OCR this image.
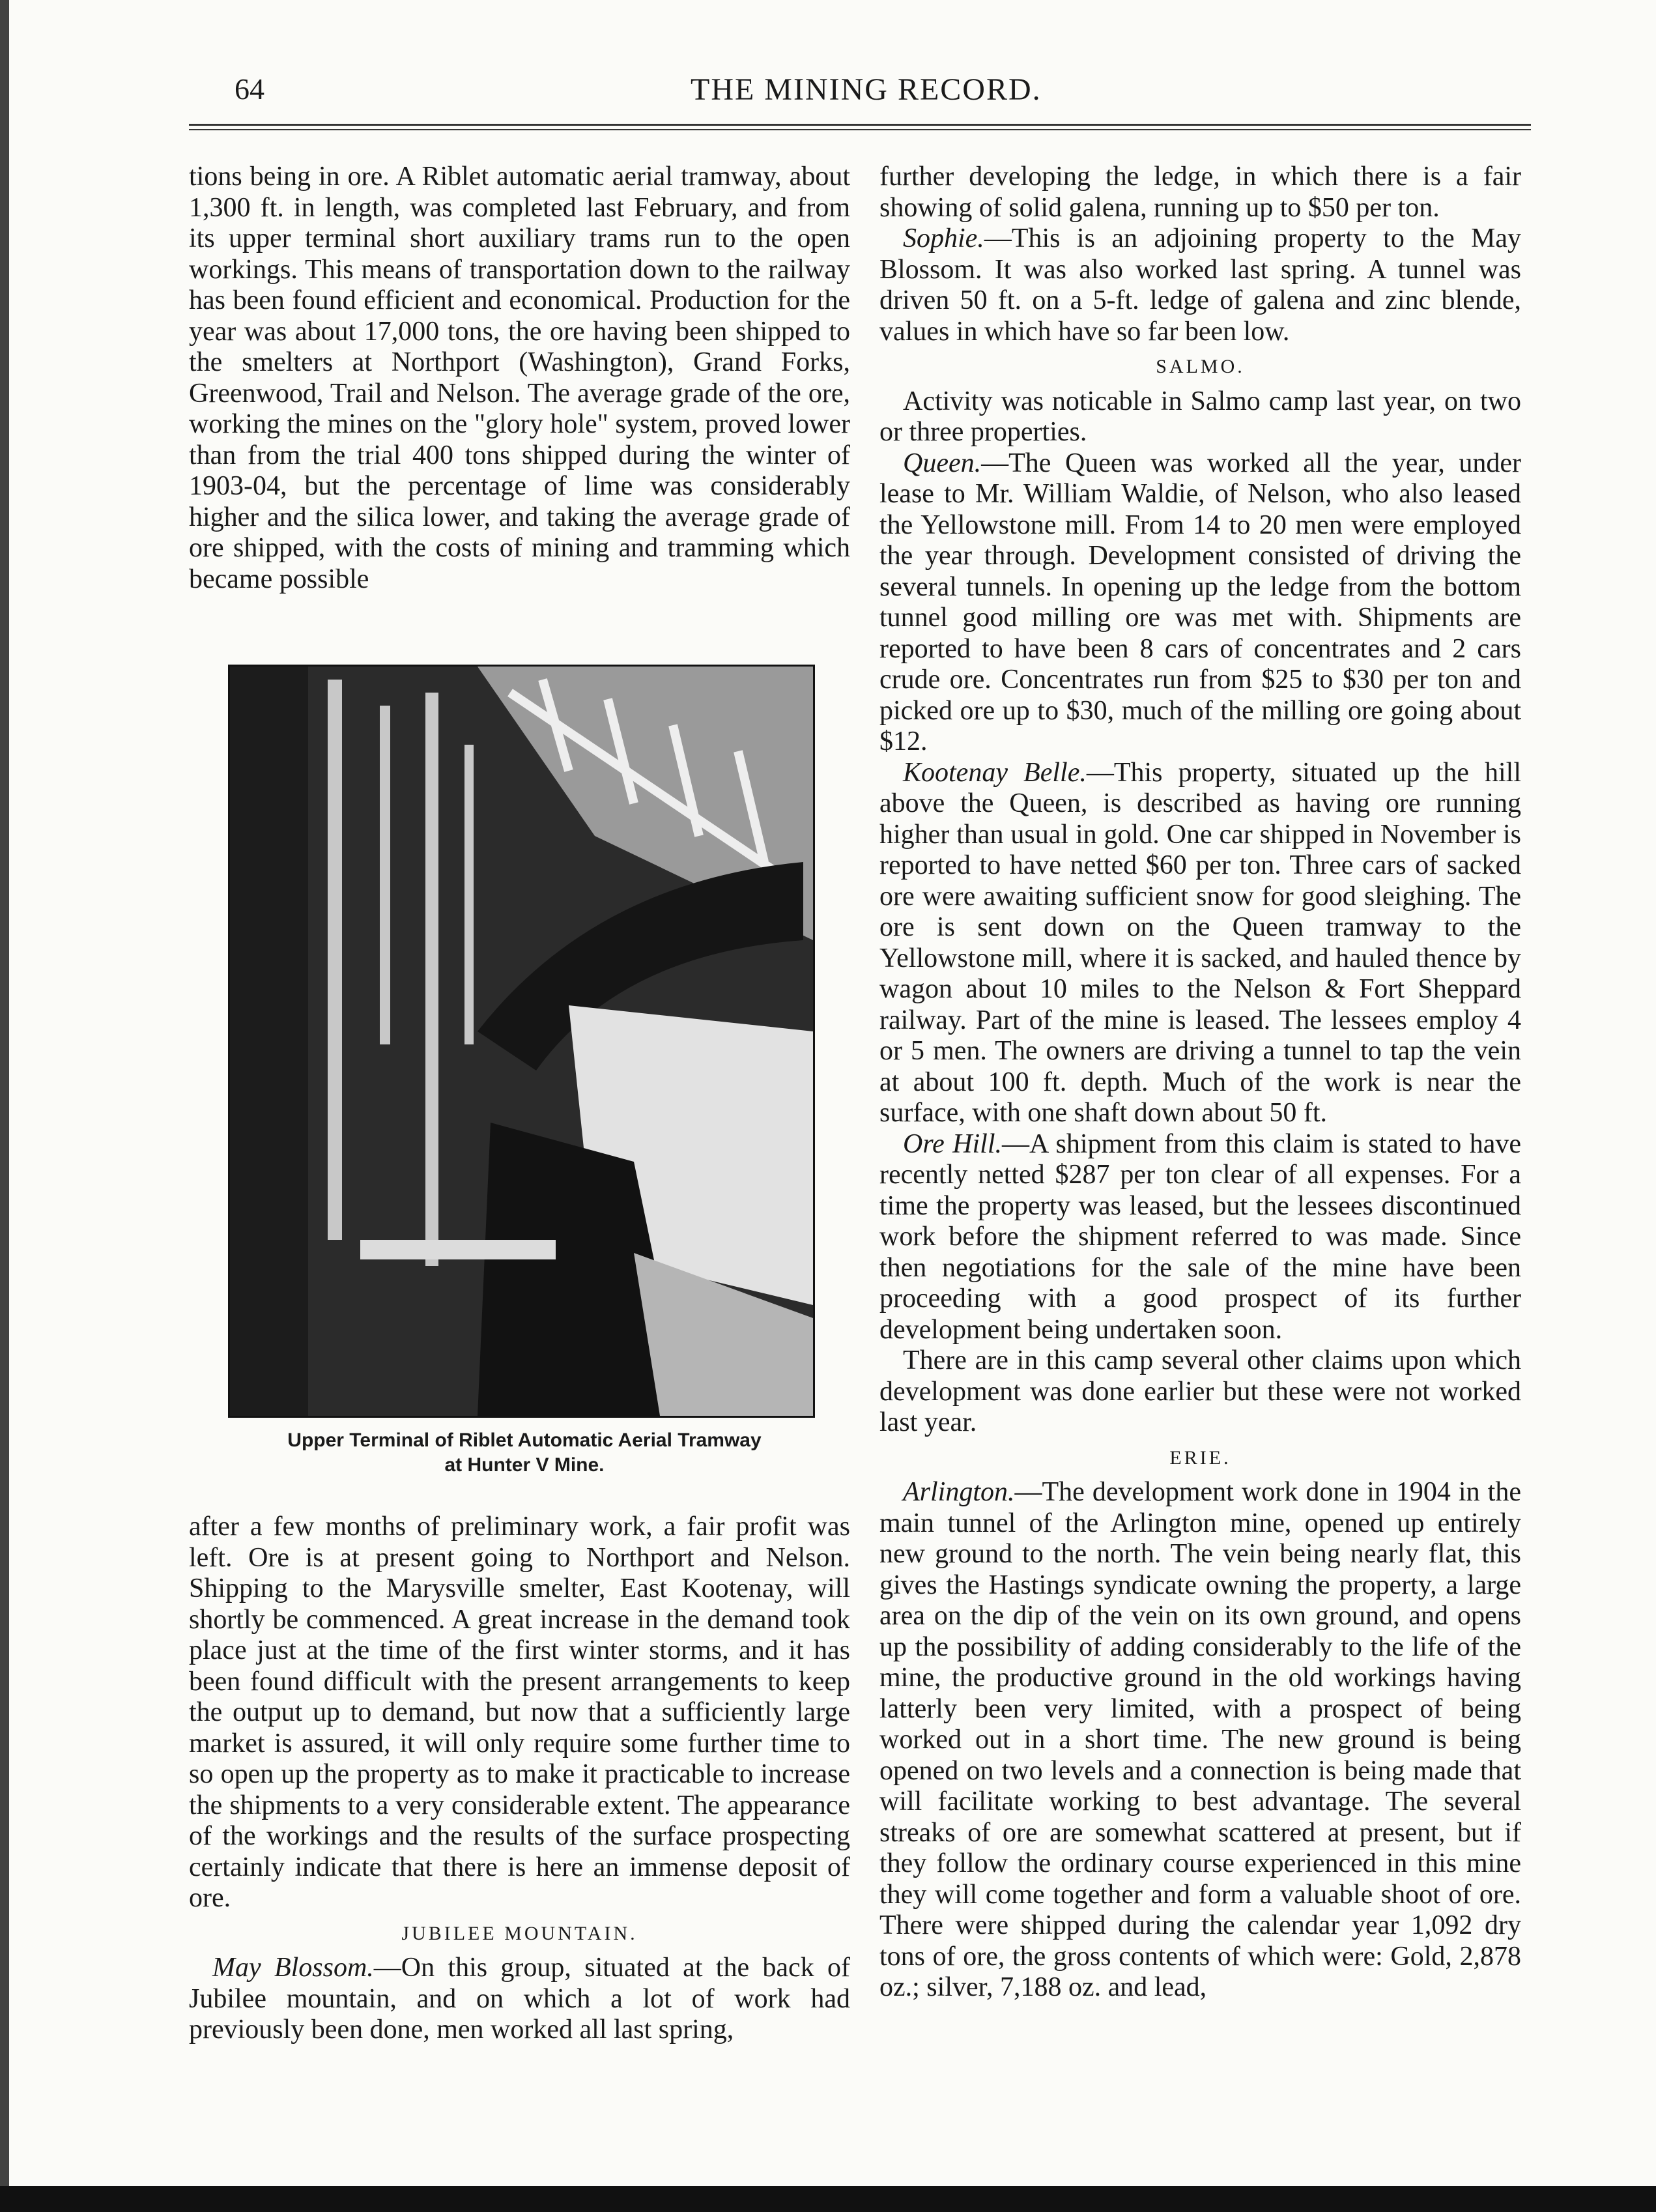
64	THE MINING RECORD.

tions being in ore. A Riblet automatic aerial tramway, about 1,300 ft. in length, was completed last February, and from its upper terminal short auxiliary trams run to the open workings. This means of transportation down to the railway has been found efficient and economical. Production for the year was about 17,000 tons, the ore having been shipped to the smelters at Northport (Washington), Grand Forks, Greenwood, Trail and Nelson. The average grade of the ore, working the mines on the "glory hole" system, proved lower than from the trial 400 tons shipped during the winter of 1903-04, but the percentage of lime was considerably higher and the silica lower, and taking the average grade of ore shipped, with the costs of mining and tramming which became possible

Upper Terminal of Riblet Automatic Aerial Tramway
at Hunter V Mine.

after a few months of preliminary work, a fair profit was left. Ore is at present going to Northport and Nelson. Shipping to the Marysville smelter, East Kootenay, will shortly be commenced. A great increase in the demand took place just at the time of the first winter storms, and it has been found difficult with the present arrangements to keep the output up to demand, but now that a sufficiently large market is assured, it will only require some further time to so open up the property as to make it practicable to increase the shipments to a very considerable extent. The appearance of the workings and the results of the surface prospecting certainly indicate that there is here an immense deposit of ore.

JUBILEE MOUNTAIN.

May Blossom.—On this group, situated at the back of Jubilee mountain, and on which a lot of work had previously been done, men worked all last spring,

further developing the ledge, in which there is a fair showing of solid galena, running up to $50 per ton.

Sophie.—This is an adjoining property to the May Blossom. It was also worked last spring. A tunnel was driven 50 ft. on a 5-ft. ledge of galena and zinc blende, values in which have so far been low.

SALMO.

Activity was noticable in Salmo camp last year, on two or three properties.

Queen.—The Queen was worked all the year, under lease to Mr. William Waldie, of Nelson, who also leased the Yellowstone mill. From 14 to 20 men were employed the year through. Development consisted of driving the several tunnels. In opening up the ledge from the bottom tunnel good milling ore was met with. Shipments are reported to have been 8 cars of concentrates and 2 cars crude ore. Concentrates run from $25 to $30 per ton and picked ore up to $30, much of the milling ore going about $12.

Kootenay Belle.—This property, situated up the hill above the Queen, is described as having ore running higher than usual in gold. One car shipped in November is reported to have netted $60 per ton. Three cars of sacked ore were awaiting sufficient snow for good sleighing. The ore is sent down on the Queen tramway to the Yellowstone mill, where it is sacked, and hauled thence by wagon about 10 miles to the Nelson & Fort Sheppard railway. Part of the mine is leased. The lessees employ 4 or 5 men. The owners are driving a tunnel to tap the vein at about 100 ft. depth. Much of the work is near the surface, with one shaft down about 50 ft.

Ore Hill.—A shipment from this claim is stated to have recently netted $287 per ton clear of all expenses. For a time the property was leased, but the lessees discontinued work before the shipment referred to was made. Since then negotiations for the sale of the mine have been proceeding with a good prospect of its further development being undertaken soon.

There are in this camp several other claims upon which development was done earlier but these were not worked last year.

ERIE.

Arlington.—The development work done in 1904 in the main tunnel of the Arlington mine, opened up entirely new ground to the north. The vein being nearly flat, this gives the Hastings syndicate owning the property, a large area on the dip of the vein on its own ground, and opens up the possibility of adding considerably to the life of the mine, the productive ground in the old workings having latterly been very limited, with a prospect of being worked out in a short time. The new ground is being opened on two levels and a connection is being made that will facilitate working to best advantage. The several streaks of ore are somewhat scattered at present, but if they follow the ordinary course experienced in this mine they will come together and form a valuable shoot of ore. There were shipped during the calendar year 1,092 dry tons of ore, the gross contents of which were: Gold, 2,878 oz.; silver, 7,188 oz. and lead,
